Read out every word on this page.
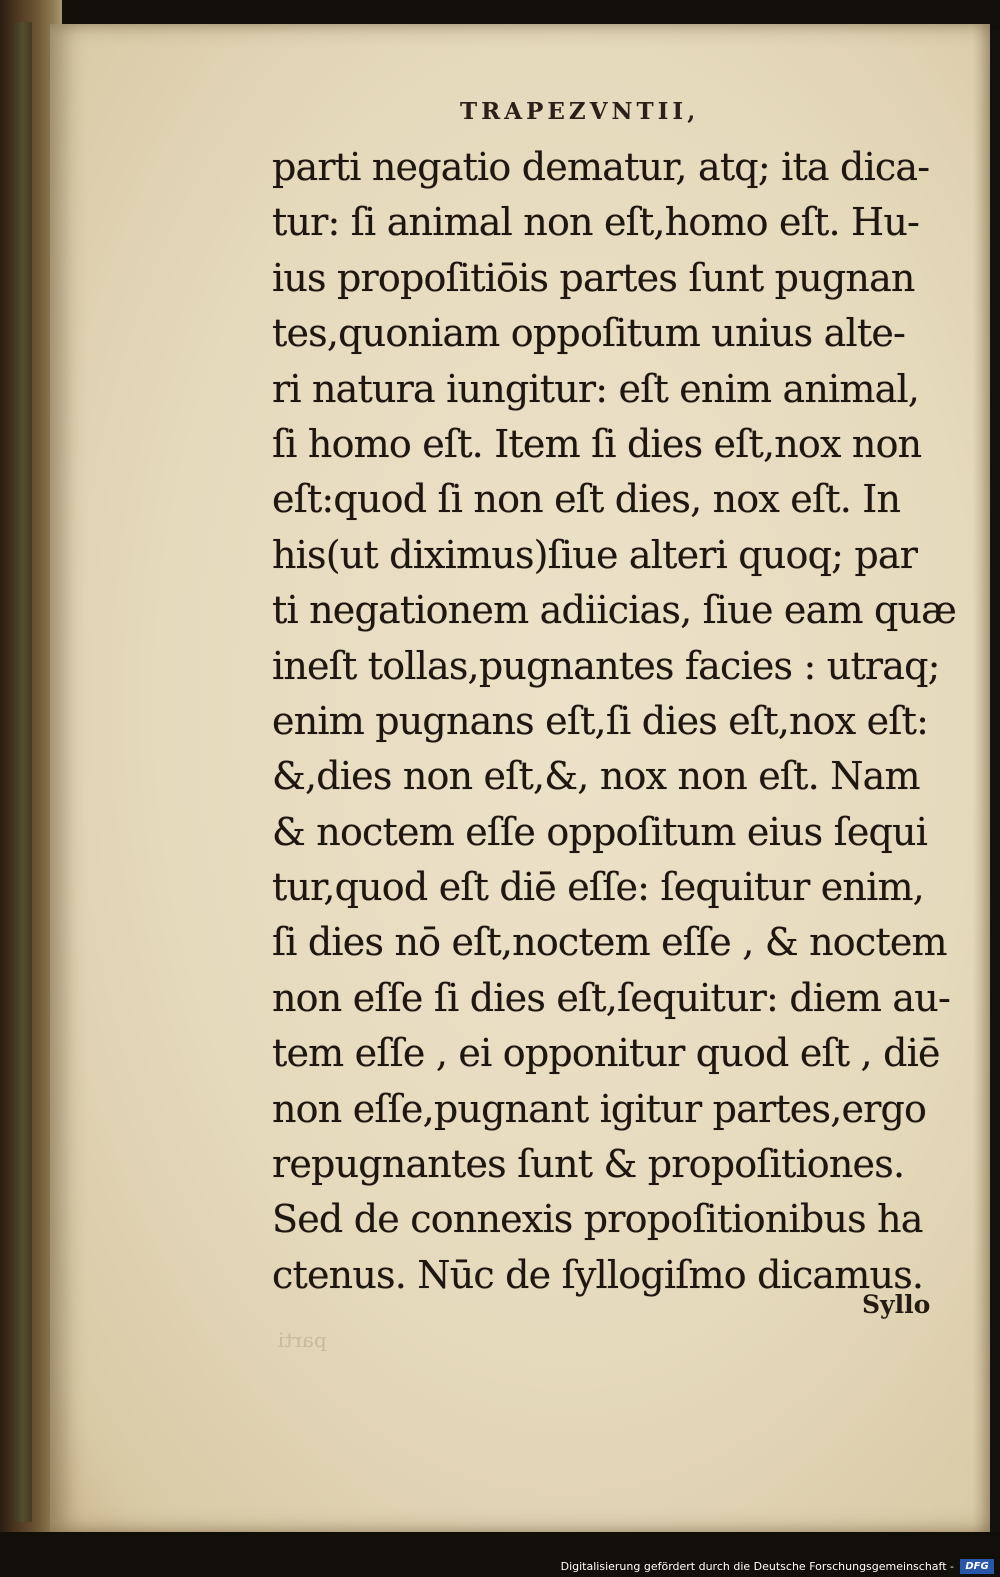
TRAPEZVNTII,
parti negatio dematur, atq; ita dica-
tur: ſi animal non eſt,homo eſt. Hu-
ius propoſitiōis partes ſunt pugnan
tes,quoniam oppoſitum unius alte-
ri natura iungitur: eſt enim animal,
ſi homo eſt. Item ſi dies eſt,nox non
eſt:quod ſi non eſt dies, nox eſt. In
his(ut diximus)ſiue alteri quoq; par
ti negationem adiicias, ſiue eam quæ
ineſt tollas,pugnantes facies : utraq;
enim pugnans eſt,ſi dies eſt,nox eſt:
&,dies non eſt,&, nox non eſt. Nam
& noctem eſſe oppoſitum eius ſequi
tur,quod eſt diē eſſe: ſequitur enim,
ſi dies nō eſt,noctem eſſe , & noctem
non eſſe ſi dies eſt,ſequitur: diem au-
tem eſſe , ei opponitur quod eſt , diē
non eſſe,pugnant igitur partes,ergo
repugnantes ſunt & propoſitiones.
Sed de connexis propoſitionibus ha
ctenus. Nūc de ſyllogiſmo dicamus.
Syllo
parti
Digitalisierung gefördert durch die Deutsche Forschungsgemeinschaft -	DFG
